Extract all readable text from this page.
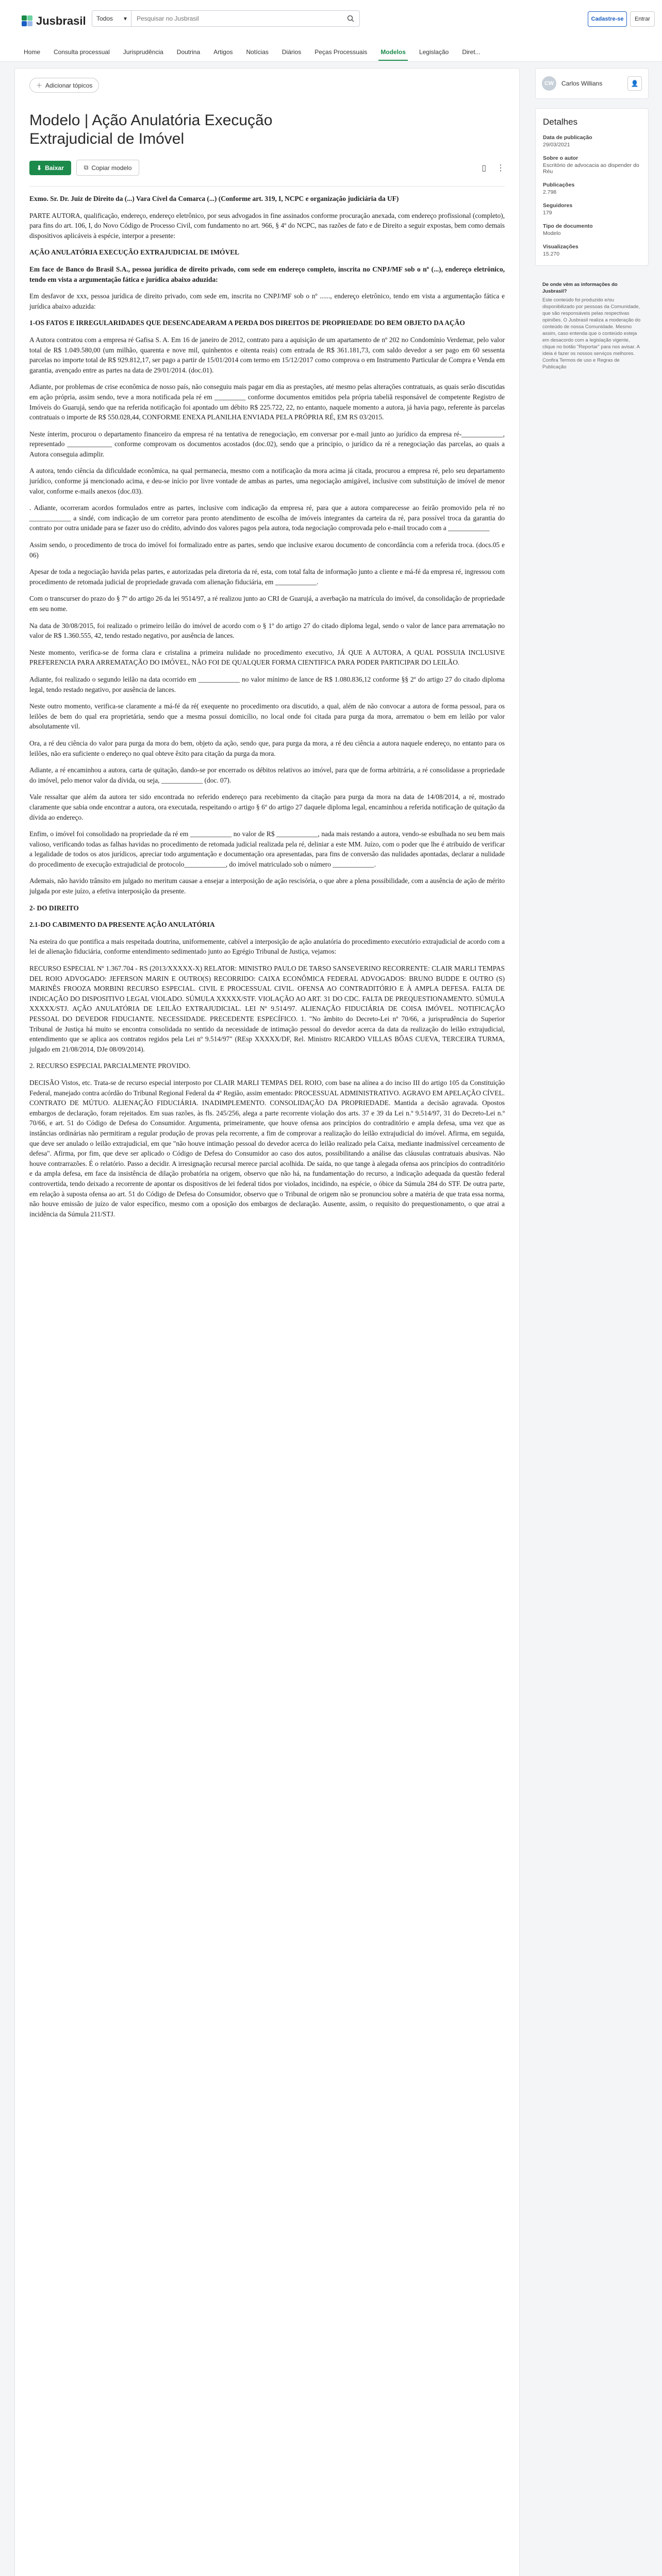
Jusbrasil Todos ▾
Pesquisar no Jusbrasil	Cadastre-se	Entrar
Home	Consulta processual	Jurisprudência	Doutrina	Artigos	Notícias	Diários	Peças Processuais	Modelos	Legislação	Diret...
＋ Adicionar tópicos
Modelo | Ação Anulatória Execução Extrajudicial de Imóvel
⬇ Baixar	⧉ Copiar modelo	▯ ⋮

Exmo. Sr. Dr. Juiz de Direito da (...) Vara Cível da Comarca (...) (Conforme art. 319, I, NCPC e organização judiciária da UF)

PARTE AUTORA, qualificação, endereço, endereço eletrônico, por seus advogados in fine assinados conforme procuração anexada, com endereço profissional (completo), para fins do art. 106, I, do Novo Código de Processo Civil, com fundamento no art. 966, § 4º do NCPC, nas razões de fato e de Direito a seguir expostas, bem como demais dispositivos aplicáveis à espécie, interpor a presente:

AÇÃO ANULATÓRIA EXECUÇÃO EXTRAJUDICIAL DE IMÓVEL

Em face de Banco do Brasil S.A., pessoa jurídica de direito privado, com sede em endereço completo, inscrita no CNPJ/MF sob o nº (...), endereço eletrônico, tendo em vista a argumentação fática e jurídica abaixo aduzida:

Em desfavor de xxx, pessoa jurídica de direito privado, com sede em, inscrita no CNPJ/MF sob o nº ......, endereço eletrônico, tendo em vista a argumentação fática e jurídica abaixo aduzida:

1-OS FATOS E IRREGULARIDADES QUE DESENCADEARAM A PERDA DOS DIREITOS DE PROPRIEDADE DO BEM OBJETO DA AÇÃO

A Autora contratou com a empresa ré Gafisa S. A. Em 16 de janeiro de 2012, contrato para a aquisição de um apartamento de nº 202 no Condomínio Verdemar, pelo valor total de R$ 1.049.580,00 (um milhão, quarenta e nove mil, quinhentos e oitenta reais) com entrada de R$ 361.181,73, com saldo devedor a ser pago em 60 sessenta parcelas no importe total de R$ 929.812,17, ser pago a partir de 15/01/2014 com termo em 15/12/2017 como comprova o em Instrumento Particular de Compra e Venda em garantia, avençado entre as partes na data de 29/01/2014. (doc.01).

Adiante, por problemas de crise econômica de nosso país, não conseguiu mais pagar em dia as prestações, até mesmo pelas alterações contratuais, as quais serão discutidas em ação própria, assim sendo, teve a mora notificada pela ré em _________ conforme documentos emitidos pela própria tabeliã responsável de competente Registro de Imóveis do Guarujá, sendo que na referida notificação foi apontado um débito R$ 225.722, 22, no entanto, naquele momento a autora, já havia pago, referente às parcelas contratuais o importe de R$ 550.028,44, CONFORME ENEXA PLANILHA ENVIADA PELA PRÓPRIA RÉ, EM RS 03/2015.

Neste ínterim, procurou o departamento financeiro da empresa ré na tentativa de renegociação, em conversar por e-mail junto ao jurídico da empresa ré-____________, representado _____________ conforme comprovam os documentos acostados (doc.02), sendo que a principio, o jurídico da ré a renegociação das parcelas, ao quais a Autora conseguia adimplir.

A autora, tendo ciência da dificuldade econômica, na qual permanecia, mesmo com a notificação da mora acima já citada, procurou a empresa ré, pelo seu departamento jurídico, conforme já mencionado acima, e deu-se início por livre vontade de ambas as partes, uma negociação amigável, inclusive com substituição de imóvel de menor valor, conforme e-mails anexos (doc.03).

. Adiante, ocorreram acordos formulados entre as partes, inclusive com indicação da empresa ré, para que a autora comparecesse ao feirão promovido pela ré no ____________ a sindé, com indicação de um corretor para pronto atendimento de escolha de imóveis integrantes da carteira da ré, para possível troca da garantia do contrato por outra unidade para se fazer uso do crédito, advindo dos valores pagos pela autora, toda negociação comprovada pelo e-mail trocado com a ____________

Assim sendo, o procedimento de troca do imóvel foi formalizado entre as partes, sendo que inclusive exarou documento de concordância com a referida troca. (docs.05 e 06)

Apesar de toda a negociação havida pelas partes, e autorizadas pela diretoria da ré, esta, com total falta de informação junto a cliente e má-fé da empresa ré, ingressou com procedimento de retomada judicial de propriedade gravada com alienação fiduciária, em ____________.

Com o transcurser do prazo do § 7º do artigo 26 da lei 9514/97, a ré realizou junto ao CRI de Guarujá, a averbação na matrícula do imóvel, da consolidação de propriedade em seu nome.

Na data de 30/08/2015, foi realizado o primeiro leilão do imóvel de acordo com o § 1º do artigo 27 do citado diploma legal, sendo o valor de lance para arrematação no valor de R$ 1.360.555, 42, tendo restado negativo, por ausência de lances.

Neste momento, verifica-se de forma clara e cristalina a primeira nulidade no procedimento executivo, JÁ QUE A AUTORA, A QUAL POSSUIA INCLUSIVE PREFERENCIA PARA ARREMATAÇÃO DO IMÓVEL, NÃO FOI DE QUALQUER FORMA CIENTIFICA PARA PODER PARTICIPAR DO LEILÃO.

Adiante, foi realizado o segundo leilão na data ocorrido em ____________ no valor mínimo de lance de R$ 1.080.836,12 conforme §§ 2º do artigo 27 do citado diploma legal, tendo restado negativo, por ausência de lances.

Neste outro momento, verifica-se claramente a má-fé da ré( exequente no procedimento ora discutido, a qual, além de não convocar a autora de forma pessoal, para os leilões de bem do qual era proprietária, sendo que a mesma possui domicílio, no local onde foi citada para purga da mora, arrematou o bem em leilão por valor absolutamente vil.

Ora, a ré deu ciência do valor para purga da mora do bem, objeto da ação, sendo que, para purga da mora, a ré deu ciência a autora naquele endereço, no entanto para os leilões, não era suficiente o endereço no qual obteve êxito para citação da purga da mora.

Adiante, a ré encaminhou a autora, carta de quitação, dando-se por encerrado os débitos relativos ao imóvel, para que de forma arbitrária, a ré consolidasse a propriedade do imóvel, pelo menor valor da dívida, ou seja, ____________ (doc. 07).

Vale ressaltar que além da autora ter sido encontrada no referido endereço para recebimento da citação para purga da mora na data de 14/08/2014, a ré, mostrado claramente que sabia onde encontrar a autora, ora executada, respeitando o artigo § 6º do artigo 27 daquele diploma legal, encaminhou a referida notificação de quitação da dívida ao endereço.

Enfim, o imóvel foi consolidado na propriedade da ré em ____________ no valor de R$ ____________, nada mais restando a autora, vendo-se esbulhada no seu bem mais valioso, verificando todas as falhas havidas no procedimento de retomada judicial realizada pela ré, deliniar a este MM. Juízo, com o poder que lhe é atribuído de verificar a legalidade de todos os atos jurídicos, apreciar todo argumentação e documentação ora apresentadas, para fins de conversão das nulidades apontadas, declarar a nulidade do procedimento de execução extrajudicial de protocolo____________, do imóvel matriculado sob o número ____________.

Ademais, não havido trânsito em julgado no meritum causae a ensejar a interposição de ação rescisória, o que abre a plena possibilidade, com a ausência de ação de mérito julgada por este juízo, a efetiva interposição da presente.

2- DO DIREITO

2.1-DO CABIMENTO DA PRESENTE AÇÃO ANULATÓRIA

Na esteira do que pontifica a mais respeitada doutrina, uniformemente, cabível a interposição de ação anulatória do procedimento executório extrajudicial de acordo com a lei de alienação fiduciária, conforme entendimento sedimentado junto ao Egrégio Tribunal de Justiça, vejamos:

RECURSO ESPECIAL Nº 1.367.704 - RS (2013/XXXXX-X) RELATOR: MINISTRO PAULO DE TARSO SANSEVERINO RECORRENTE: CLAIR MARLI TEMPAS DEL ROIO ADVOGADO: JEFERSON MARIN E OUTRO(S) RECORRIDO: CAIXA ECONÔMICA FEDERAL ADVOGADOS: BRUNO BUDDE E OUTRO (S) MARINÊS FROOZA MORBINI RECURSO ESPECIAL. CIVIL E PROCESSUAL CIVIL. OFENSA AO CONTRADITÓRIO E À AMPLA DEFESA. FALTA DE INDICAÇÃO DO DISPOSITIVO LEGAL VIOLADO. SÚMULA XXXXX/STF. VIOLAÇÃO AO ART. 31 DO CDC. FALTA DE PREQUESTIONAMENTO. SÚMULA XXXXX/STJ. AÇÃO ANULATÓRIA DE LEILÃO EXTRAJUDICIAL. LEI Nº 9.514/97. ALIENAÇÃO FIDUCIÁRIA DE COISA IMÓVEL. NOTIFICAÇÃO PESSOAL DO DEVEDOR FIDUCIANTE. NECESSIDADE. PRECEDENTE ESPECÍFICO. 1. "No âmbito do Decreto-Lei nº 70/66, a jurisprudência do Superior Tribunal de Justiça há muito se encontra consolidada no sentido da necessidade de intimação pessoal do devedor acerca da data da realização do leilão extrajudicial, entendimento que se aplica aos contratos regidos pela Lei nº 9.514/97" (REsp XXXXX/DF, Rel. Ministro RICARDO VILLAS BÔAS CUEVA, TERCEIRA TURMA, julgado em 21/08/2014, DJe 08/09/2014).

2. RECURSO ESPECIAL PARCIALMENTE PROVIDO.

DECISÃO Vistos, etc. Trata-se de recurso especial interposto por CLAIR MARLI TEMPAS DEL ROIO, com base na alínea a do inciso III do artigo 105 da Constituição Federal, manejado contra acórdão do Tribunal Regional Federal da 4ª Região, assim ementado: PROCESSUAL ADMINISTRATIVO. AGRAVO EM APELAÇÃO CÍVEL. CONTRATO DE MÚTUO. ALIENAÇÃO FIDUCIÁRIA. INADIMPLEMENTO. CONSOLIDAÇÃO DA PROPRIEDADE. Mantida a decisão agravada. Opostos embargos de declaração, foram rejeitados. Em suas razões, às fls. 245/256, alega a parte recorrente violação dos arts. 37 e 39 da Lei n.º 9.514/97, 31 do Decreto-Lei n.º 70/66, e art. 51 do Código de Defesa do Consumidor. Argumenta, primeiramente, que houve ofensa aos princípios do contraditório e ampla defesa, uma vez que as instâncias ordinárias não permitiram a regular produção de provas pela recorrente, a fim de comprovar a realização do leilão extrajudicial do imóvel. Afirma, em seguida, que deve ser anulado o leilão extrajudicial, em que "não houve intimação pessoal do devedor acerca do leilão realizado pela Caixa, mediante inadmissível cerceamento de defesa". Afirma, por fim, que deve ser aplicado o Código de Defesa do Consumidor ao caso dos autos, possibilitando a análise das cláusulas contratuais abusivas. Não houve contrarrazões. É o relatório. Passo a decidir. A irresignação recursal merece parcial acolhida. De saída, no que tange à alegada ofensa aos princípios do contraditório e da ampla defesa, em face da insistência de dilação probatória na origem, observo que não há, na fundamentação do recurso, a indicação adequada da questão federal controvertida, tendo deixado a recorrente de apontar os dispositivos de lei federal tidos por violados, incidindo, na espécie, o óbice da Súmula 284 do STF. De outra parte, em relação à suposta ofensa ao art. 51 do Código de Defesa do Consumidor, observo que o Tribunal de origem não se pronunciou sobre a matéria de que trata essa norma, não houve emissão de juízo de valor específico, mesmo com a oposição dos embargos de declaração. Ausente, assim, o requisito do prequestionamento, o que atrai a incidência da Súmula 211/STJ.

CW	Carlos Willians	👤
Detalhes
Data de publicação
29/03/2021
Sobre o autor
Escritório de advocacia ao dispender do Réu
Publicações
2.798
Seguidores
179
Tipo de documento
Modelo
Visualizações
15.270
De onde vêm as informações do Jusbrasil?
Este conteúdo foi produzido e/ou disponibilizado por pessoas da Comunidade, que são responsáveis pelas respectivas opiniões. O Jusbrasil realiza a moderação do conteúdo de nossa Comunidade. Mesmo assim, caso entenda que o conteúdo esteja em desacordo com a legislação vigente, clique no botão "Reportar" para nos avisar. A ideia é fazer os nossos serviços melhores. Confira Termos de uso e Regras de Publicação
